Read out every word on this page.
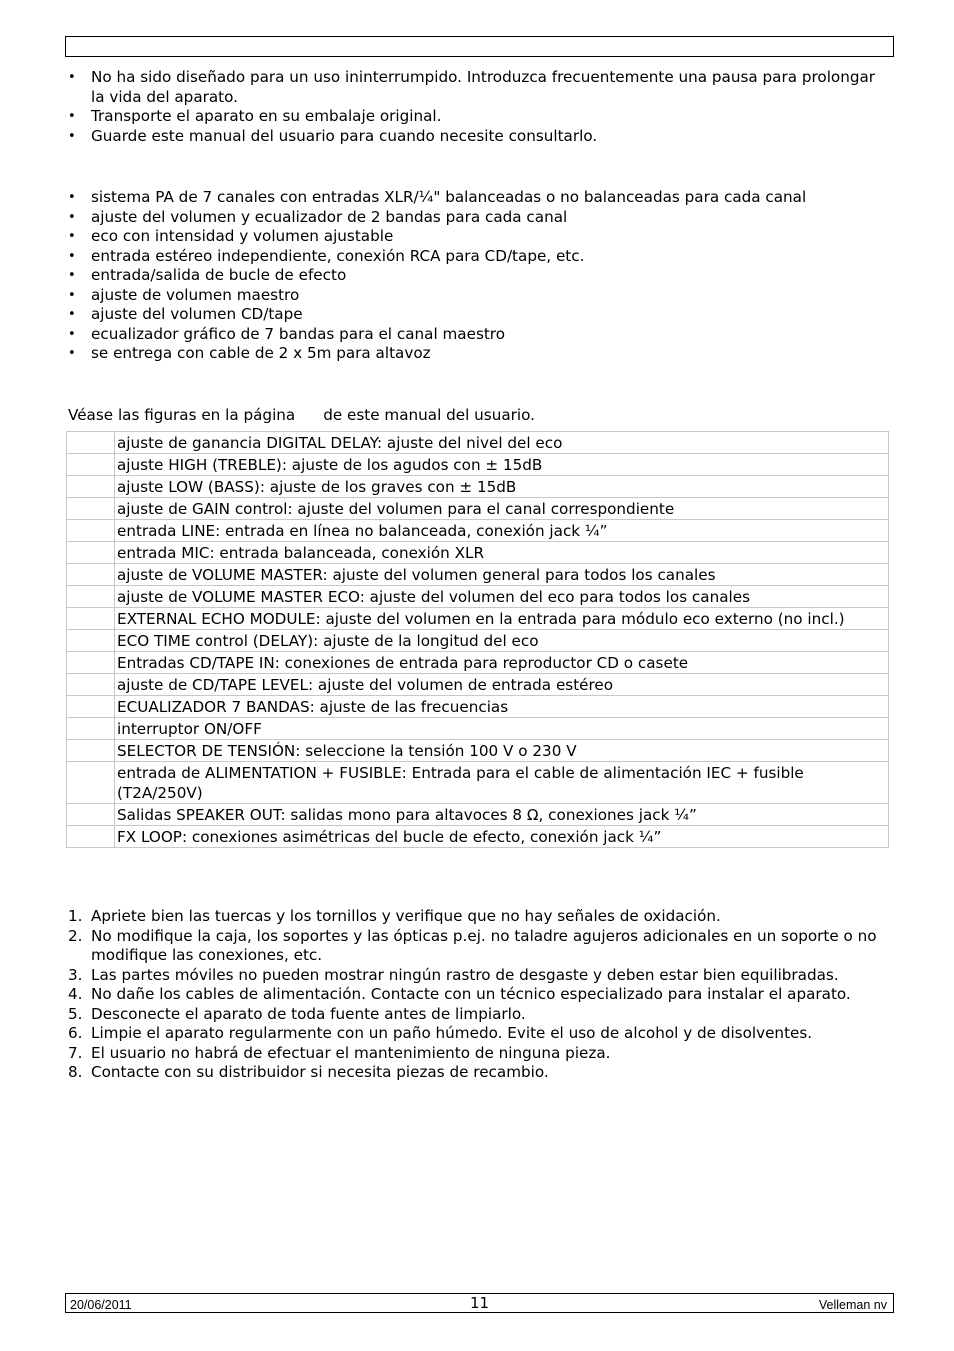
• No ha sido diseñado para un uso ininterrumpido. Introduzca frecuentemente una pausa para prolongar la vida del aparato.
• Transporte el aparato en su embalaje original.
• Guarde este manual del usuario para cuando necesite consultarlo.
• sistema PA de 7 canales con entradas XLR/¼" balanceadas o no balanceadas para cada canal
• ajuste del volumen y ecualizador de 2 bandas para cada canal
• eco con intensidad y volumen ajustable
• entrada estéreo independiente, conexión RCA para CD/tape, etc.
• entrada/salida de bucle de efecto
• ajuste de volumen maestro
• ajuste del volumen CD/tape
• ecualizador gráfico de 7 bandas para el canal maestro
• se entrega con cable de 2 x 5m para altavoz
Véase las figuras en la página de este manual del usuario.
	ajuste de ganancia DIGITAL DELAY: ajuste del nivel del eco
	ajuste HIGH (TREBLE): ajuste de los agudos con ± 15dB
	ajuste LOW (BASS): ajuste de los graves con ± 15dB
	ajuste de GAIN control: ajuste del volumen para el canal correspondiente
	entrada LINE: entrada en línea no balanceada, conexión jack ¼”
	entrada MIC: entrada balanceada, conexión XLR
	ajuste de VOLUME MASTER: ajuste del volumen general para todos los canales
	ajuste de VOLUME MASTER ECO: ajuste del volumen del eco para todos los canales
	EXTERNAL ECHO MODULE: ajuste del volumen en la entrada para módulo eco externo (no incl.)
	ECO TIME control (DELAY): ajuste de la longitud del eco
	Entradas CD/TAPE IN: conexiones de entrada para reproductor CD o casete
	ajuste de CD/TAPE LEVEL: ajuste del volumen de entrada estéreo
	ECUALIZADOR 7 BANDAS: ajuste de las frecuencias
	interruptor ON/OFF
	SELECTOR DE TENSIÓN: seleccione la tensión 100 V o 230 V
	entrada de ALIMENTATION + FUSIBLE: Entrada para el cable de alimentación IEC + fusible (T2A/250V)
	Salidas SPEAKER OUT: salidas mono para altavoces 8 Ω, conexiones jack ¼”
	FX LOOP: conexiones asimétricas del bucle de efecto, conexión jack ¼”
1. Apriete bien las tuercas y los tornillos y verifique que no hay señales de oxidación.
2. No modifique la caja, los soportes y las ópticas p.ej. no taladre agujeros adicionales en un soporte o no modifique las conexiones, etc.
3. Las partes móviles no pueden mostrar ningún rastro de desgaste y deben estar bien equilibradas.
4. No dañe los cables de alimentación. Contacte con un técnico especializado para instalar el aparato.
5. Desconecte el aparato de toda fuente antes de limpiarlo.
6. Limpie el aparato regularmente con un paño húmedo. Evite el uso de alcohol y de disolventes.
7. El usuario no habrá de efectuar el mantenimiento de ninguna pieza.
8. Contacte con su distribuidor si necesita piezas de recambio.
20/06/2011	11	Velleman nv
